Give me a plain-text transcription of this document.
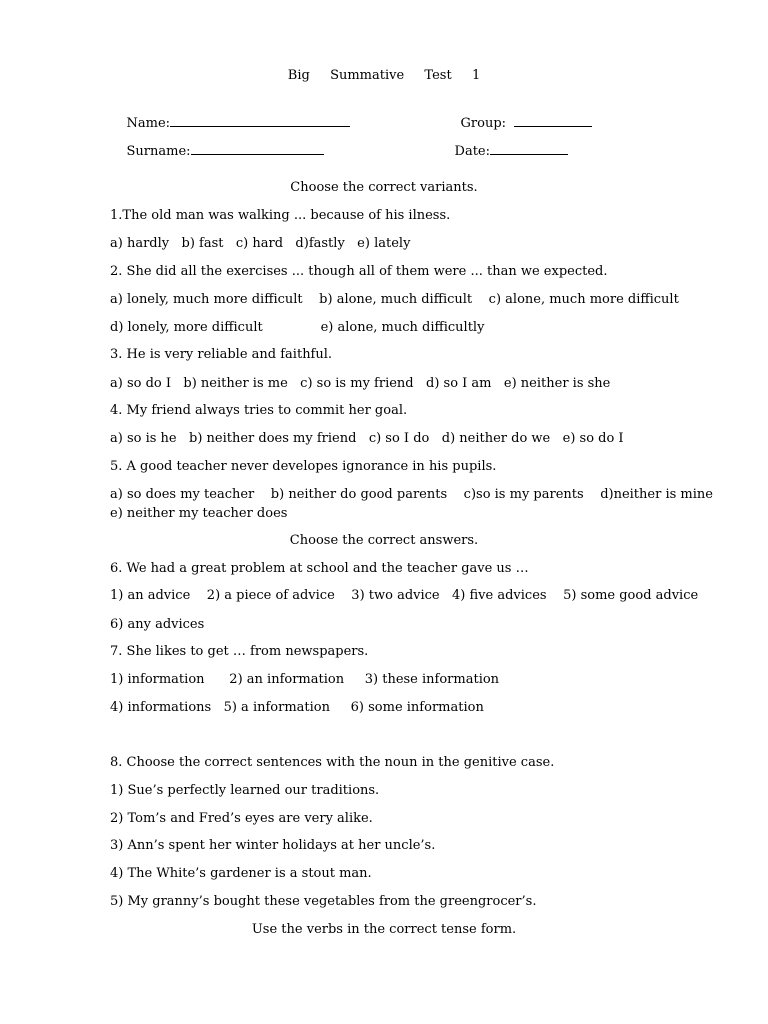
Big  Summative  Test  1

Name:
	Group:

Surname:
	Date:

Choose the correct variants.
1.The old man was walking ... because of his ilness.
a) hardly   b) fast   c) hard   d)fastly   e) lately
2. She did all the exercises ... though all of them were ... than we expected.
a) lonely, much more difficult    b) alone, much difficult    c) alone, much more difficult
d) lonely, more difficult              e) alone, much difficultly
3. He is very reliable and faithful.
a) so do I   b) neither is me   c) so is my friend   d) so I am   e) neither is she
4. My friend always tries to commit her goal.
a) so is he   b) neither does my friend   c) so I do   d) neither do we   e) so do I
5. A good teacher never developes ignorance in his pupils.
a) so does my teacher    b) neither do good parents    c)so is my parents    d)neither is mine
e) neither my teacher does
Choose the correct answers.
6. We had a great problem at school and the teacher gave us …
1) an advice    2) a piece of advice    3) two advice   4) five advices    5) some good advice
6) any advices
7. She likes to get … from newspapers.
1) information      2) an information     3) these information
4) informations   5) a information     6) some information
8. Choose the correct sentences with the noun in the genitive case.
1) Sue’s perfectly learned our traditions.
2) Tom’s and Fred’s eyes are very alike.
3) Ann’s spent her winter holidays at her uncle’s.
4) The White’s gardener is a stout man.
5) My granny’s bought these vegetables from the greengrocer’s.
Use the verbs in the correct tense form.
